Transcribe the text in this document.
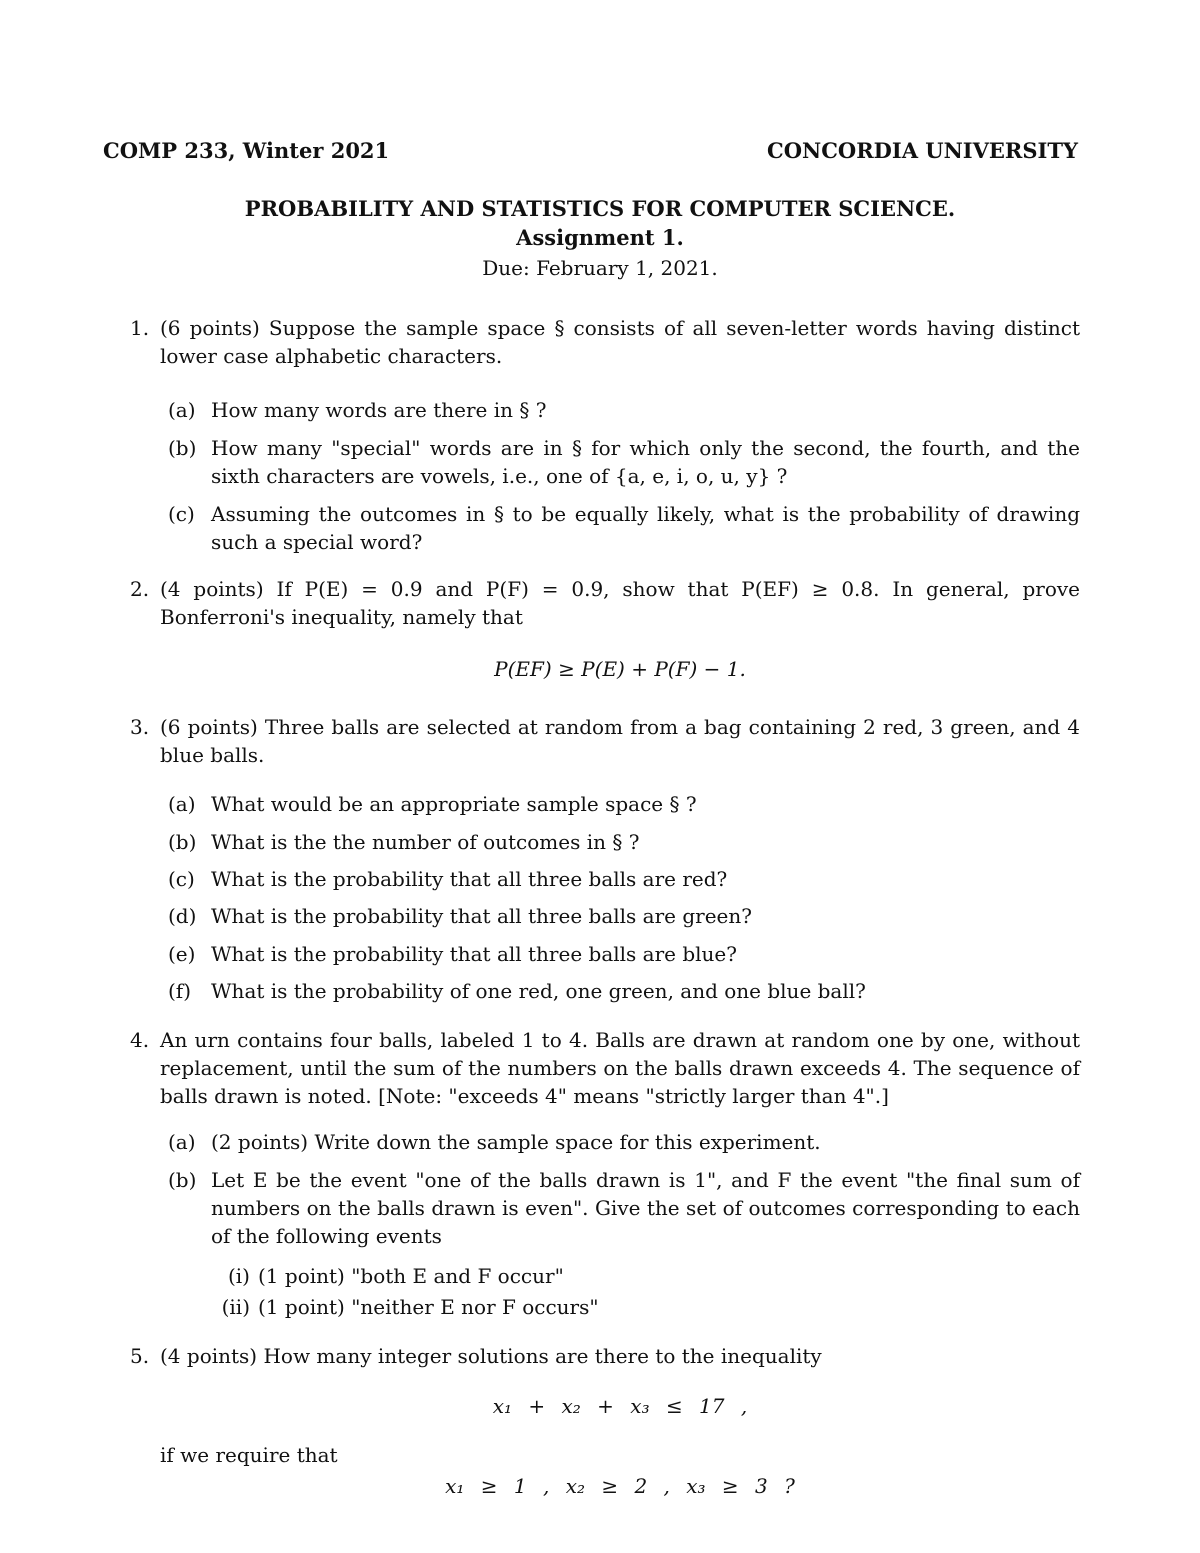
COMP 233, Winter 2021	CONCORDIA UNIVERSITY
PROBABILITY AND STATISTICS FOR COMPUTER SCIENCE.
Assignment 1.
Due: February 1, 2021.
1. (6 points) Suppose the sample space § consists of all seven-letter words having distinct lower case alphabetic characters.
(a) How many words are there in § ?
(b) How many "special" words are in § for which only the second, the fourth, and the sixth characters are vowels, i.e., one of {a, e, i, o, u, y} ?
(c) Assuming the outcomes in § to be equally likely, what is the probability of drawing such a special word?
2. (4 points) If P(E) = 0.9 and P(F) = 0.9, show that P(EF) ≥ 0.8. In general, prove Bonferroni's inequality, namely that
P(EF) ≥ P(E) + P(F) − 1.
3. (6 points) Three balls are selected at random from a bag containing 2 red, 3 green, and 4 blue balls.
(a) What would be an appropriate sample space § ?
(b) What is the the number of outcomes in § ?
(c) What is the probability that all three balls are red?
(d) What is the probability that all three balls are green?
(e) What is the probability that all three balls are blue?
(f) What is the probability of one red, one green, and one blue ball?
4. An urn contains four balls, labeled 1 to 4. Balls are drawn at random one by one, without replacement, until the sum of the numbers on the balls drawn exceeds 4. The sequence of balls drawn is noted. [Note: "exceeds 4" means "strictly larger than 4".]
(a) (2 points) Write down the sample space for this experiment.
(b) Let E be the event "one of the balls drawn is 1", and F the event "the final sum of numbers on the balls drawn is even". Give the set of outcomes corresponding to each of the following events
(i) (1 point) "both E and F occur"
(ii) (1 point) "neither E nor F occurs"
5. (4 points) How many integer solutions are there to the inequality
x₁ + x₂ + x₃ ≤ 17 ,
if we require that
x₁ ≥ 1 , x₂ ≥ 2 , x₃ ≥ 3 ?
